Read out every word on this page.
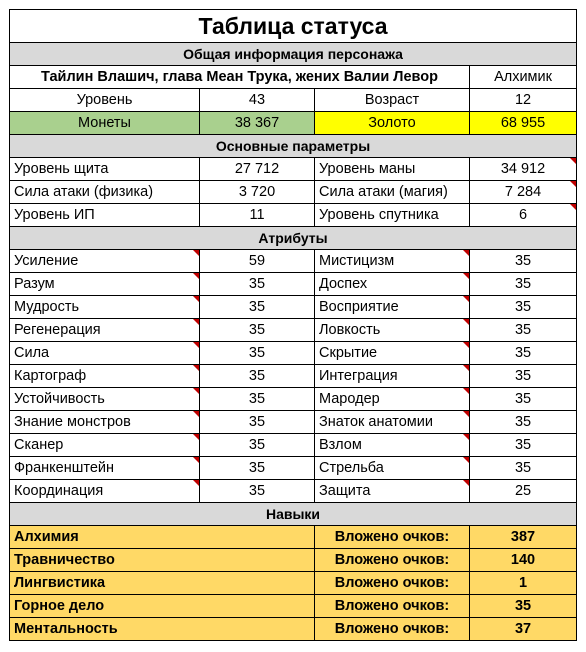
Таблица статуса			
Общая информация персонажа			
Тайлин Влашич, глава Меан Трука, жених Валии Левор			Алхимик
Уровень	43	Возраст	12
Монеты	38 367	Золото	68 955
Основные параметры			
Уровень щита	27 712	Уровень маны	34 912
Сила атаки (физика)	3 720	Сила атаки (магия)	7 284
Уровень ИП	11	Уровень спутника	6
Атрибуты			
Усиление	59	Мистицизм	35
Разум	35	Доспех	35
Мудрость	35	Восприятие	35
Регенерация	35	Ловкость	35
Сила	35	Скрытие	35
Картограф	35	Интеграция	35
Устойчивость	35	Мародер	35
Знание монстров	35	Знаток анатомии	35
Сканер	35	Взлом	35
Франкенштейн	35	Стрельба	35
Координация	35	Защита	25
Навыки			
Алхимия		Вложено очков:	387
Травничество		Вложено очков:	140
Лингвистика		Вложено очков:	1
Горное дело		Вложено очков:	35
Ментальность		Вложено очков:	37
